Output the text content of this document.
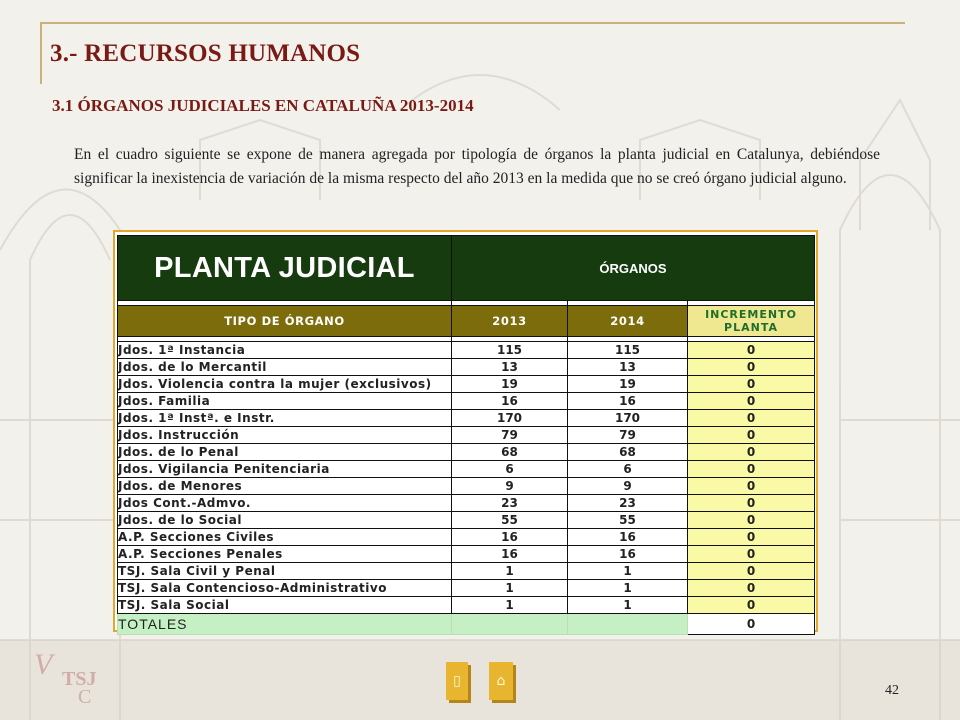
3.- RECURSOS HUMANOS
3.1 ÓRGANOS JUDICIALES EN CATALUÑA 2013-2014
En el cuadro siguiente se expone de manera agregada por tipología de órganos la planta judicial en Catalunya, debiéndose significar la inexistencia de variación de la misma respecto del año 2013 en la medida que no se creó órgano judicial alguno.
PLANTA JUDICIAL	ÓRGANOS		

TIPO DE ÓRGANO	2013	2014	INCREMENTO
PLANTA

Jdos. 1ª Instancia	115	115	0
Jdos. de lo Mercantil	13	13	0
Jdos. Violencia contra la mujer (exclusivos)	19	19	0
Jdos. Familia	16	16	0
Jdos. 1ª Instª. e Instr.	170	170	0
Jdos. Instrucción	79	79	0
Jdos. de lo Penal	68	68	0
Jdos. Vigilancia Penitenciaria	6	6	0
Jdos. de Menores	9	9	0
Jdos Cont.-Admvo.	23	23	0
Jdos. de lo Social	55	55	0
A.P. Secciones Civiles	16	16	0
A.P. Secciones Penales	16	16	0
TSJ. Sala Civil y Penal	1	1	0
TSJ. Sala Contencioso-Administrativo	1	1	0
TSJ. Sala Social	1	1	0
TOTALES			0
V TSJ
C
▯	⌂
42
